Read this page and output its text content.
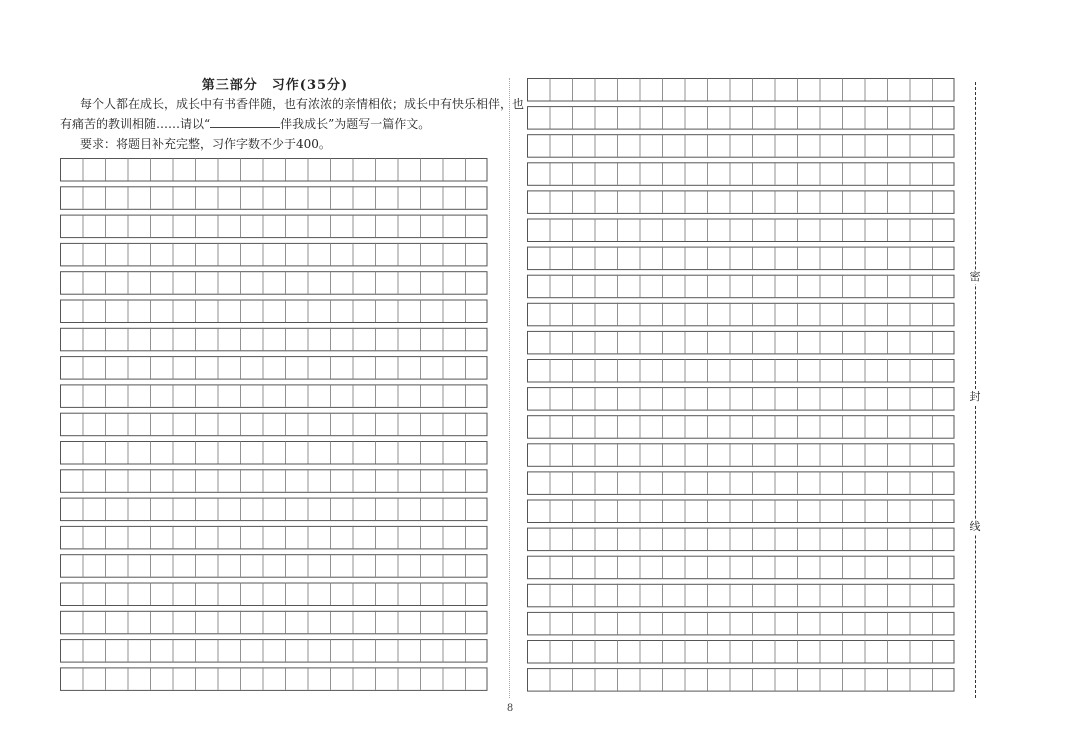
第三部分　习作(35分)
每个人都在成长，成长中有书香伴随，也有浓浓的亲情相依；成长中有快乐相伴，也
有痛苦的教训相随……请以“	伴我成长”为题写一篇作文。
要求：将题目补充完整，习作字数不少于400。
密
封
线
8
